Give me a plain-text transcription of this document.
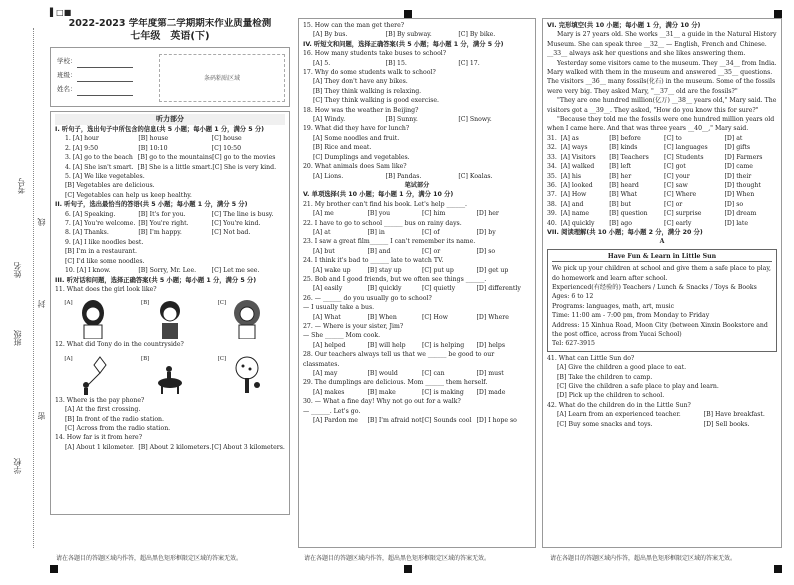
▌□■
考号
姓名
封
线
班级
密
学校
2022-2023 学年度第二学期期末作业质量检测
七年级　英语(下)
学校：
班级：
姓名：
条码粘贴区域
听力部分
I. 听句子，选出句子中所包含的信息(共 5 小题；每小题 1 分，满分 5 分)
1. [A] hour	[B] house	[C] house
2. [A] 9:50	[B] 10:10	[C] 10:50
3. [A] go to the beach [B] go to the mountains [C] go to the movies
4. [A] She isn't smart. [B] She is a little smart. [C] She is very kind.
5. [A] We like vegetables.
[B] Vegetables are delicious.
[C] Vegetables can help us keep healthy.
II. 听句子，选出最恰当的答语(共 5 小题；每小题 1 分，满分 5 分)
6. [A] Speaking.	[B] It's for you.	[C] The line is busy.
7. [A] You're welcome. [B] You're right.	[C] You're kind.
8. [A] Thanks.	[B] I'm happy.	[C] Not bad.
9. [A] I like noodles best.
[B] I'm in a restaurant.
[C] I'd like some noodles.
10. [A] I know.	[B] Sorry, Mr. Lee.	[C] Let me see.
III. 听对话和问题，选择正确答案(共 5 小题；每小题 1 分，满分 5 分)
11. What does the girl look like?
[A]	[B]	[C]
12. What did Tony do in the countryside?
[A]	[B]	[C]
13. Where is the pay phone?
[A] At the first crossing.
[B] In front of the radio station.
[C] Across from the radio station.
14. How far is it from here?
[A] About 1 kilometer. [B] About 2 kilometers. [C] About 3 kilometers.
15. How can the man get there?
[A] By bus.	[B] By subway.	[C] By bike.
IV. 听短文和问题，选择正确答案(共 5 小题；每小题 1 分，满分 5 分)
16. How many students take buses to school?
[A] 5.	[B] 15.	[C] 17.
17. Why do some students walk to school?
[A] They don't have any bikes.
[B] They think walking is relaxing.
[C] They think walking is good exercise.
18. How was the weather in Beijing?
[A] Windy.	[B] Sunny.	[C] Snowy.
19. What did they have for lunch?
[A] Some noodles and fruit.
[B] Rice and meat.
[C] Dumplings and vegetables.
20. What animals does Sam like?
[A] Lions.	[B] Pandas.	[C] Koalas.
笔试部分
V. 单项选择(共 10 小题；每小题 1 分，满分 10 分)
21. My brother can't find his book. Let's help ______.
[A] me	[B] you	[C] him	[D] her
22. I have to go to school ______ bus on rainy days.
[A] at	[B] in	[C] of	[D] by
23. I saw a great film______ I can't remember its name.
[A] but	[B] and	[C] or	[D] so
24. I think it's bad to ______ late to watch TV.
[A] wake up	[B] stay up	[C] put up	[D] get up
25. Bob and I good friends, but we often see things ______.
[A] easily	[B] quickly	[C] quietly	[D] differently
26. — ______ do you usually go to school?
— I usually take a bus.
[A] What	[B] When	[C] How	[D] Where
27. — Where is your sister, Jim?
— She ______ Mom cook.
[A] helped	[B] will help	[C] is helping	[D] helps
28. Our teachers always tell us that we ______ be good to our classmates.
[A] may	[B] would	[C] can	[D] must
29. The dumplings are delicious. Mom ______ them herself.
[A] makes	[B] make	[C] is making	[D] made
30. — What a fine day! Why not go out for a walk?
— ______. Let's go.
[A] Pardon me	[B] I'm afraid not [C] Sounds cool [D] I hope so
VI. 完形填空(共 10 小题；每小题 1 分，满分 10 分)
Mary is 27 years old. She works __31__ a guide in the Natural History Museum. She can speak three __32__ — English, French and Chinese. __33__ always ask her questions and she likes answering them.
Yesterday some visitors came to the museum. They __34__ from India. Mary walked with them in the museum and answered __35__ questions. The visitors __36__ many fossils(化石) in the museum. Some of the fossils were very big. They asked Mary, "__37__ old are the fossils?"
"They are one hundred million(亿万) __38__ years old," Mary said. The visitors got a __39__. They asked, "How do you know this for sure?"
"Because they told me the fossils were one hundred million years old when I came here. And that was three years __40__," Mary said.
31.	[A] as	[B] before	[C] to	[D] at
32.	[A] ways	[B] kinds	[C] languages	[D] gifts
33.	[A] Visitors	[B] Teachers	[C] Students	[D] Farmers
34.	[A] walked	[B] left	[C] got	[D] came
35.	[A] his	[B] her	[C] your	[D] their
36.	[A] looked	[B] heard	[C] saw	[D] thought
37.	[A] How	[B] What	[C] Where	[D] When
38.	[A] and	[B] but	[C] or	[D] so
39.	[A] name	[B] question	[C] surprise	[D] dream
40.	[A] quickly	[B] ago	[C] early	[D] late
VII. 阅读理解(共 10 小题；每小题 2 分，满分 20 分)
A
Have Fun & Learn in Little Sun
We pick up your children at school and give them a safe place to play, do homework and learn after school.
Experienced(有经验的) Teachers / Lunch & Snacks / Toys & Books
Ages: 6 to 12
Programs: languages, math, art, music
Time: 11:00 am - 7:00 pm, from Monday to Friday
Address: 15 Xinhua Road, Moon City (between Xinxin Bookstore and the post office, across from Yucai School)
Tel: 627-3915
41. What can Little Sun do?
[A] Give the children a good place to eat.
[B] Take the children to camp.
[C] Give the children a safe place to play and learn.
[D] Pick up the children to school.
42. What do the children do in the Little Sun?
[A] Learn from an experienced teacher.	[B] Have breakfast.
[C] Buy some snacks and toys.	[D] Sell books.
请在各题目的答题区域内作答，超出黑色矩形框限定区域的答案无效。	请在各题目的答题区域内作答，超出黑色矩形框限定区域的答案无效。	请在各题目的答题区域内作答，超出黑色矩形框限定区域的答案无效。
